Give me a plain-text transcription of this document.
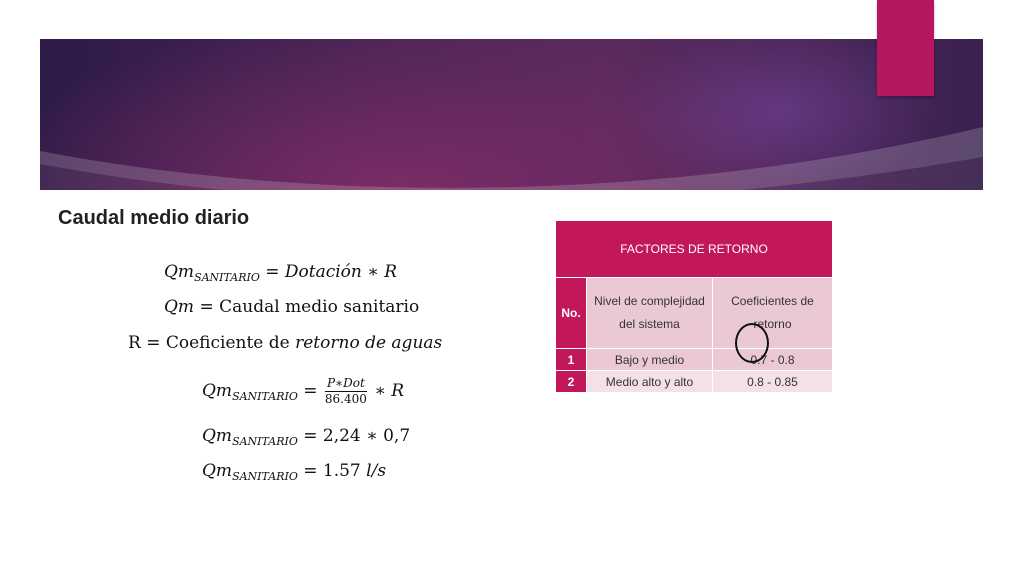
Caudal medio diario
$Qm_{SANITARIO}$ = Dotación ∗ R
Qm = Caudal medio sanitario
R = Coeficiente de retorno de aguas
$Qm_{SANITARIO} = \frac{\text{P∗Dot}}{86.400}$ ∗ R
$Qm_{SANITARIO} = 2,24$ ∗ 0,7
$Qm_{SANITARIO} = 1.57$ l/s
FACTORES DE RETORNO		
No.	Nivel de complejidad del sistema	Coeficientes de retorno
1	Bajo y medio	0.7 - 0.8
2	Medio alto y alto	0.8 - 0.85
